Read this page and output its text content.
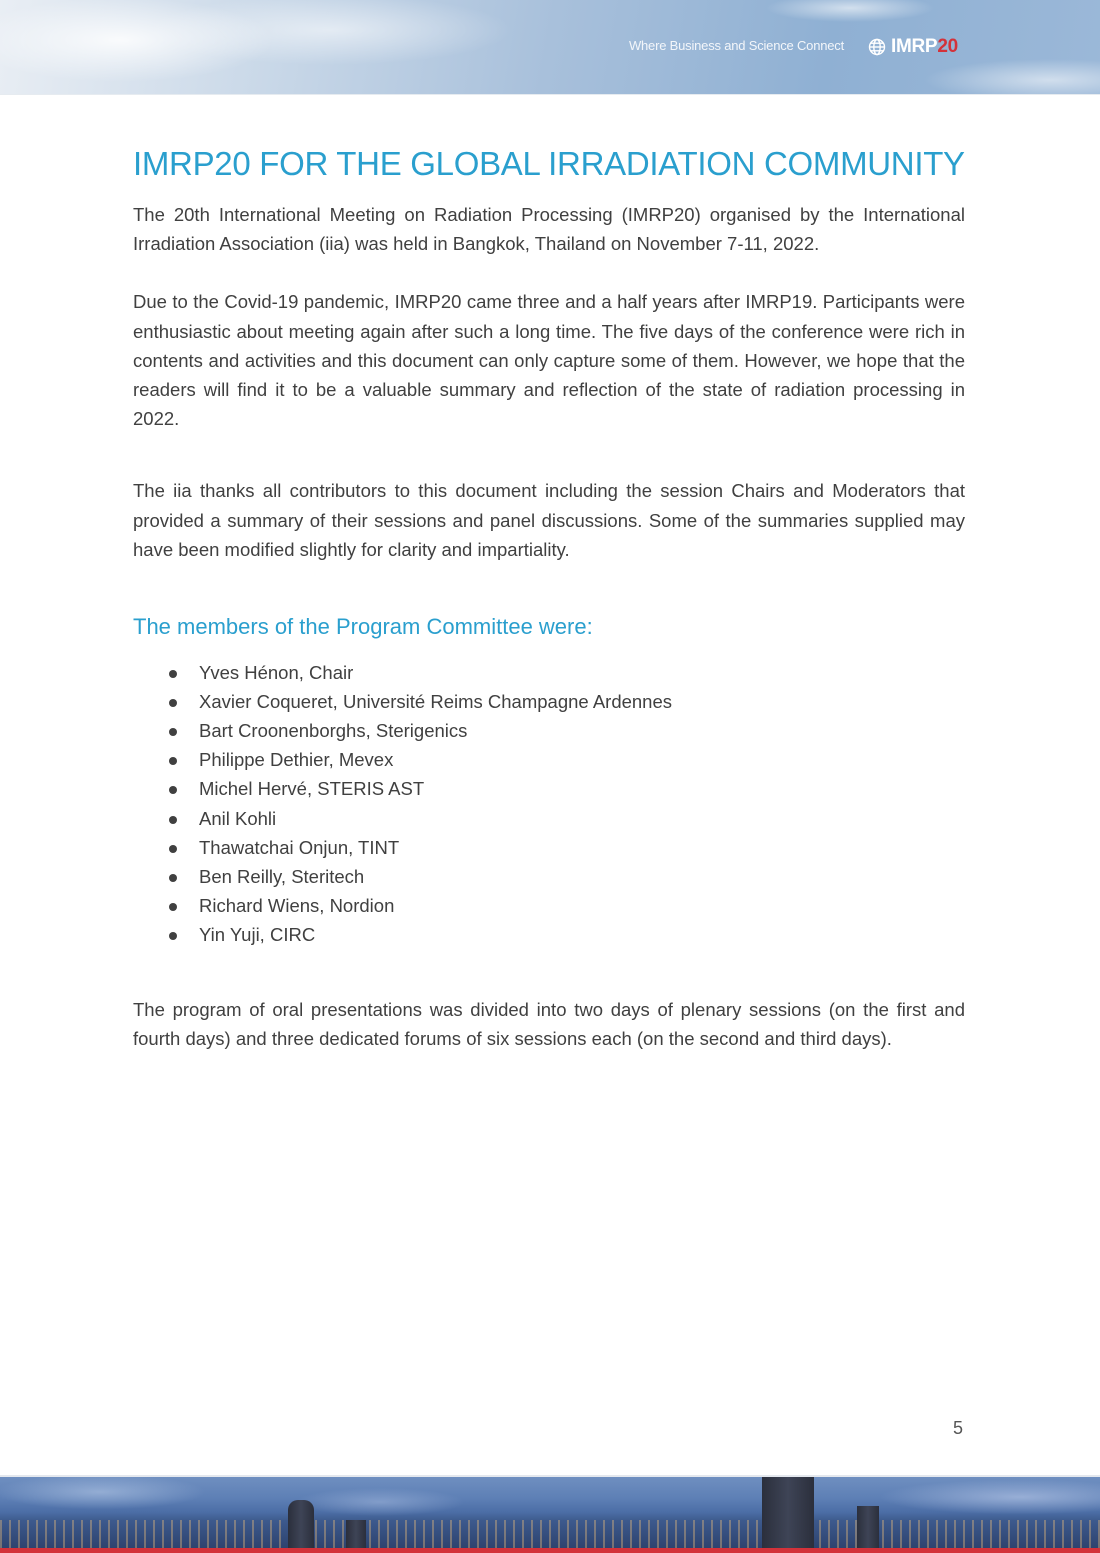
Where Business and Science Connect IMRP20
IMRP20 FOR THE GLOBAL IRRADIATION COMMUNITY

The 20th International Meeting on Radiation Processing (IMRP20) organised by the International Irradiation Association (iia) was held in Bangkok, Thailand on November 7-11, 2022.

Due to the Covid-19 pandemic, IMRP20 came three and a half years after IMRP19. Participants were enthusiastic about meeting again after such a long time. The five days of the conference were rich in contents and activities and this document can only capture some of them. However, we hope that the readers will find it to be a valuable summary and reflection of the state of radiation processing in 2022.

The iia thanks all contributors to this document including the session Chairs and Moderators that provided a summary of their sessions and panel discussions. Some of the summaries supplied may have been modified slightly for clarity and impartiality.

The members of the Program Committee were:
Yves Hénon, Chair
Xavier Coqueret, Université Reims Champagne Ardennes
Bart Croonenborghs, Sterigenics
Philippe Dethier, Mevex
Michel Hervé, STERIS AST
Anil Kohli
Thawatchai Onjun, TINT
Ben Reilly, Steritech
Richard Wiens, Nordion
Yin Yuji, CIRC

The program of oral presentations was divided into two days of plenary sessions (on the first and fourth days) and three dedicated forums of six sessions each (on the second and third days).

5
